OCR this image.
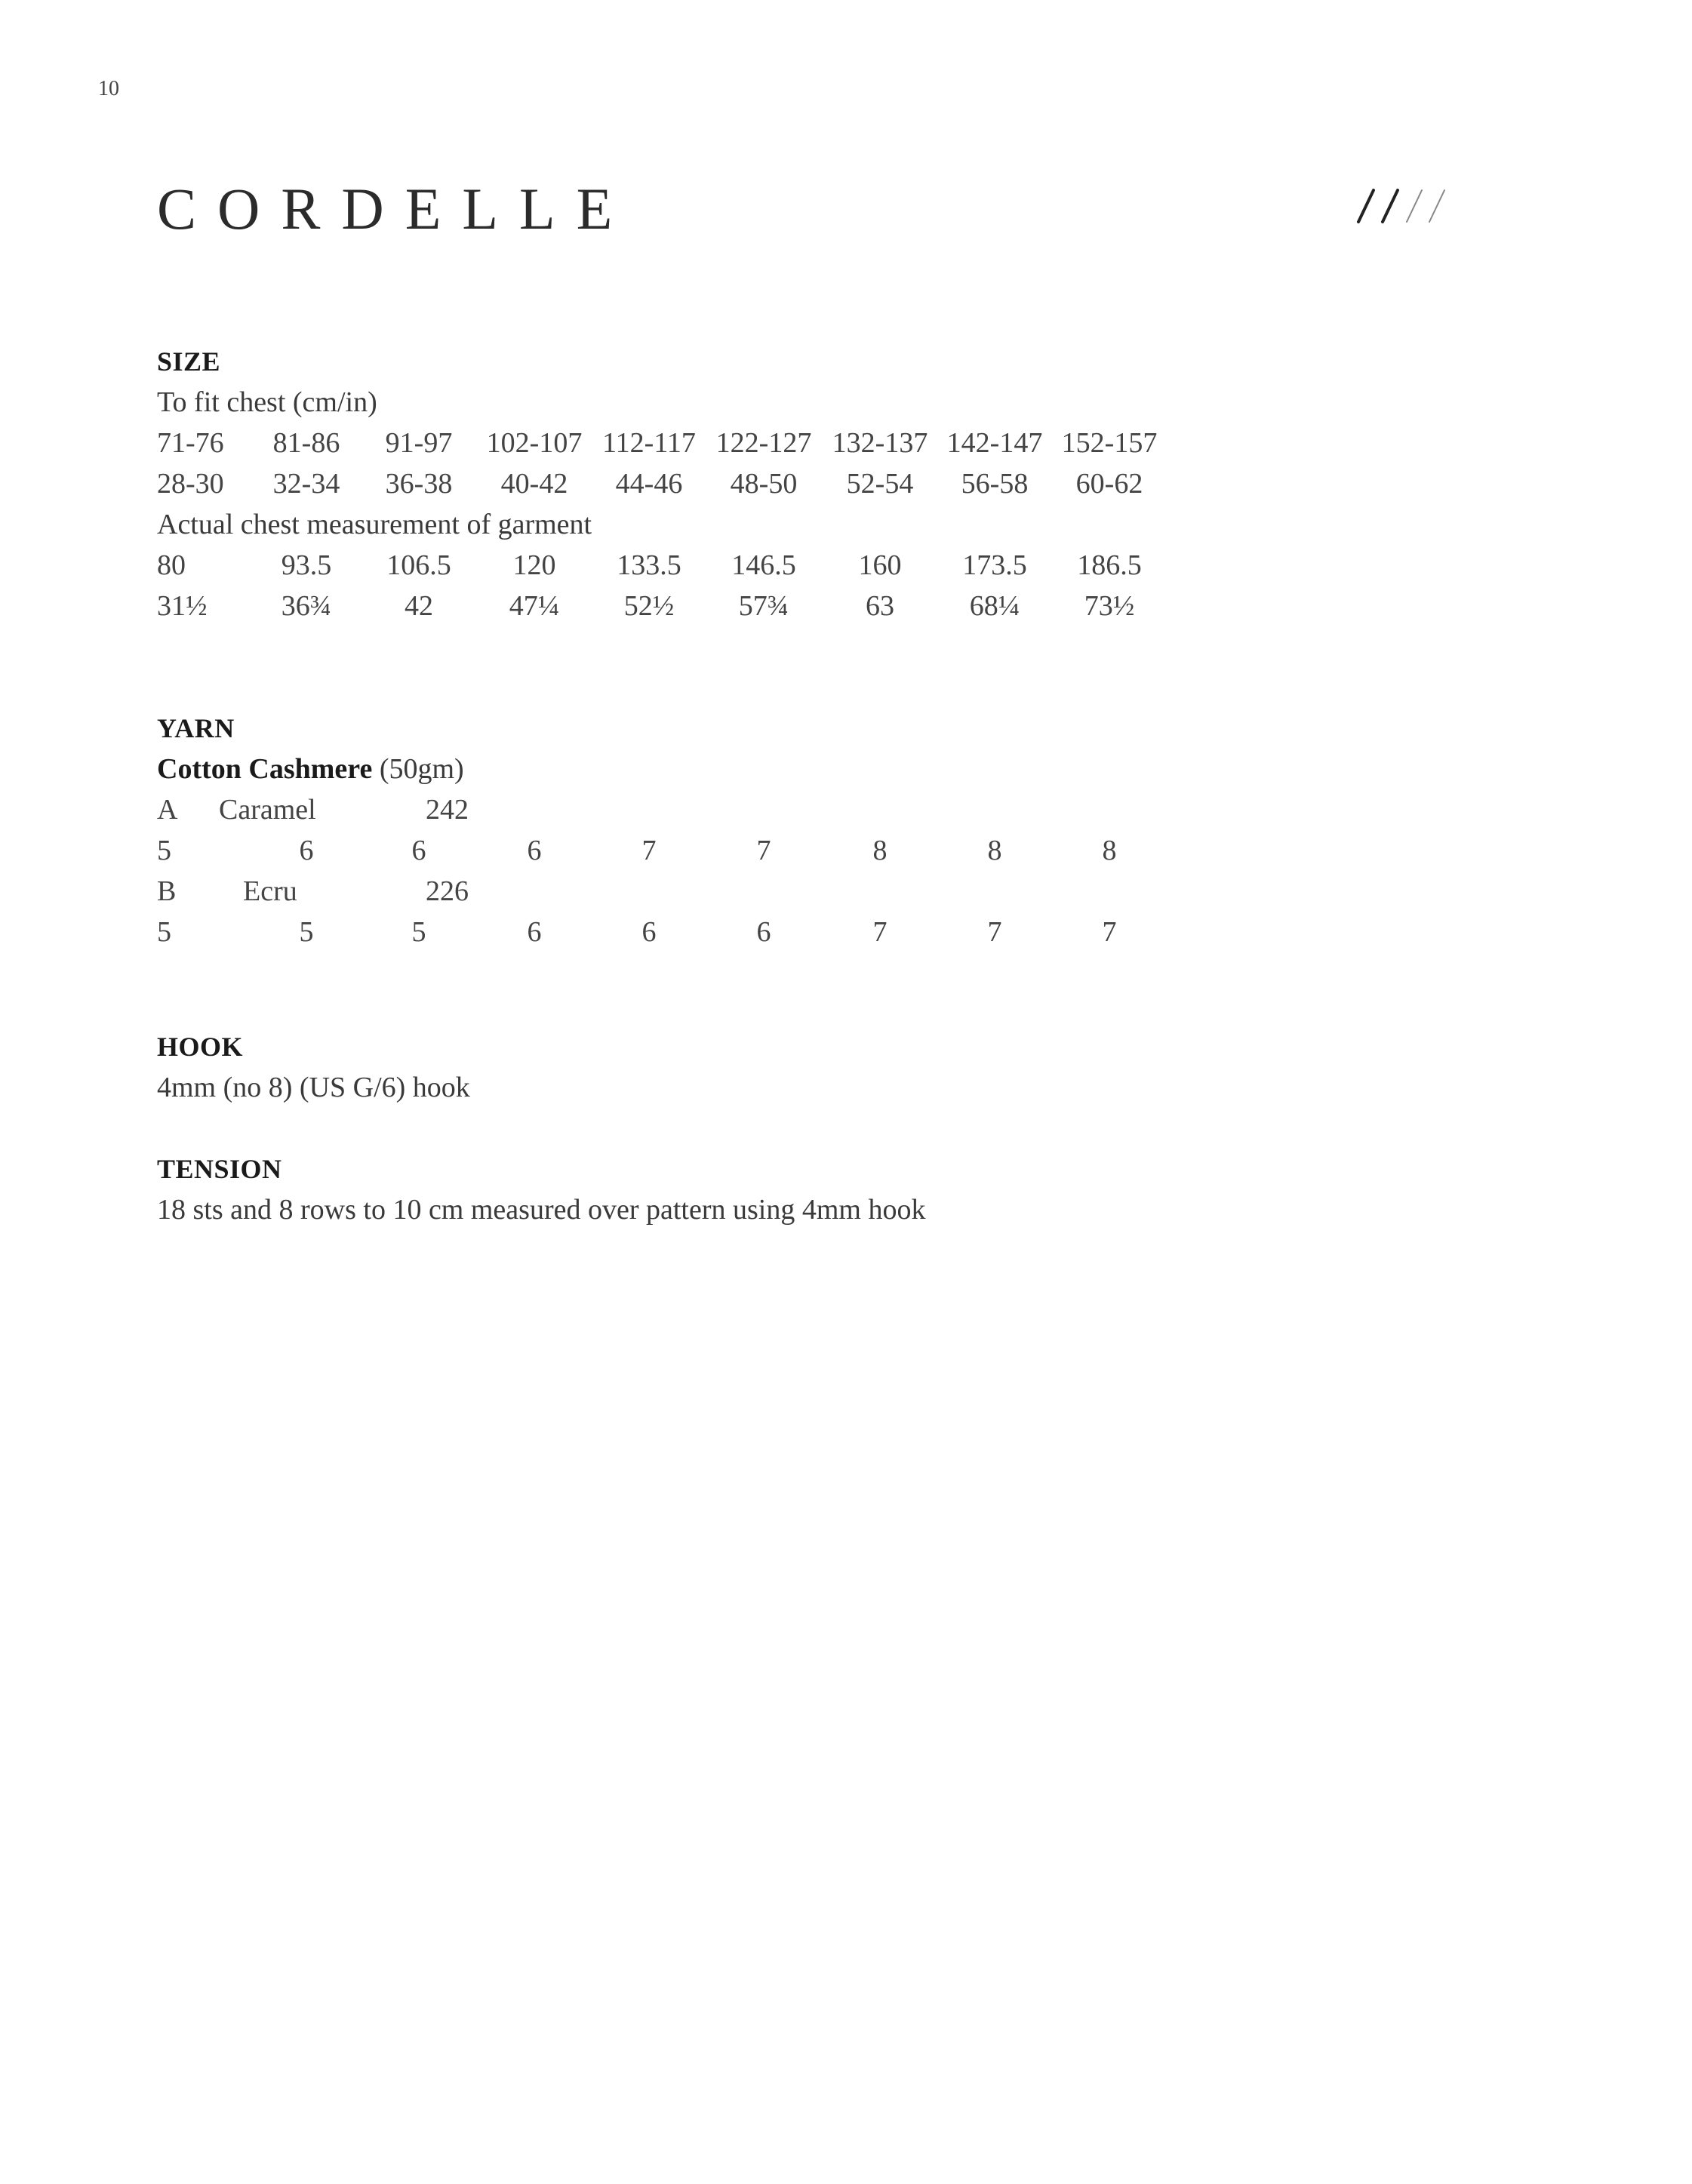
10
CORDELLE
SIZE
To fit chest (cm/in)
71-76 81-86 91-97 102-107 112-117 122-127 132-137 142-147 152-157
28-30 32-34 36-38 40-42 44-46 48-50 52-54 56-58 60-62
Actual chest measurement of garment
80	93.5 106.5 120 133.5 146.5 160 173.5 186.5
31½	36¾	42	47¼ 52½ 57¾	63	68¼ 73½
YARN
Cotton Cashmere (50gm)
A Caramel	242
5	6	6	6	7	7	8	8	8
B Ecru	226
5	5	5	6	6	6	7	7	7
HOOK
4mm (no 8) (US G/6) hook
TENSION
18 sts and 8 rows to 10 cm measured over pattern using 4mm hook
